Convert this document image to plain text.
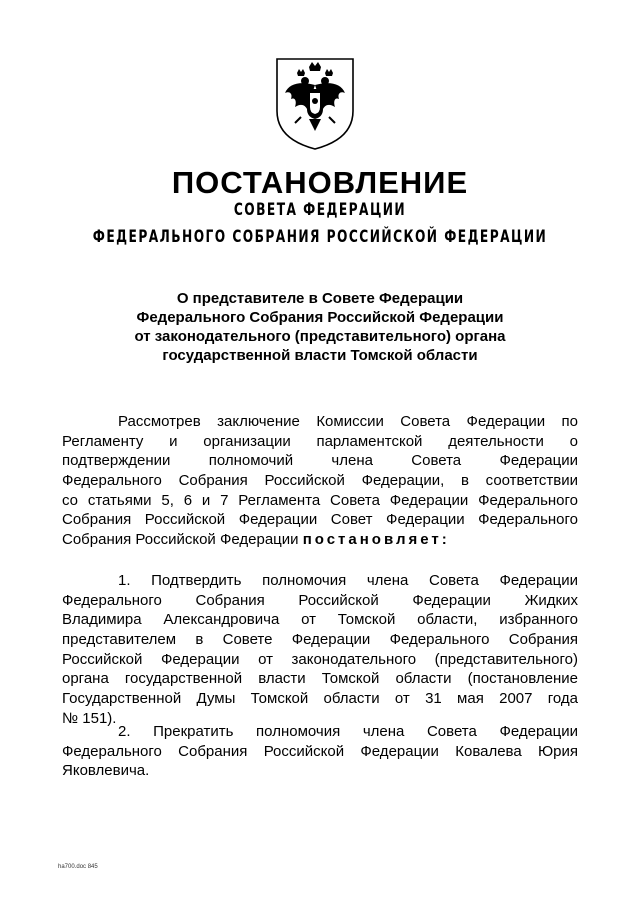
ПОСТАНОВЛЕНИЕ
СОВЕТА ФЕДЕРАЦИИ
ФЕДЕРАЛЬНОГО СОБРАНИЯ РОССИЙСКОЙ ФЕДЕРАЦИИ
О представителе в Совете Федерации
Федерального Собрания Российской Федерации
от законодательного (представительного) органа
государственной власти Томской области
Рассмотрев заключение Комиссии Совета Федерации по
Регламенту и организации парламентской деятельности о
подтверждении полномочий члена Совета Федерации
Федерального Собрания Российской Федерации, в соответствии
со статьями 5, 6 и 7 Регламента Совета Федерации Федерального
Собрания Российской Федерации Совет Федерации Федерального
Собрания Российской Федерации постановляет:
1. Подтвердить полномочия члена Совета Федерации
Федерального Собрания Российской Федерации Жидких
Владимира Александровича от Томской области, избранного
представителем в Совете Федерации Федерального Собрания
Российской Федерации от законодательного (представительного)
органа государственной власти Томской области (постановление
Государственной Думы Томской области от 31 мая 2007 года
№ 151).
2. Прекратить полномочия члена Совета Федерации
Федерального Собрания Российской Федерации Ковалева Юрия
Яковлевича.
ha700.doc 845
